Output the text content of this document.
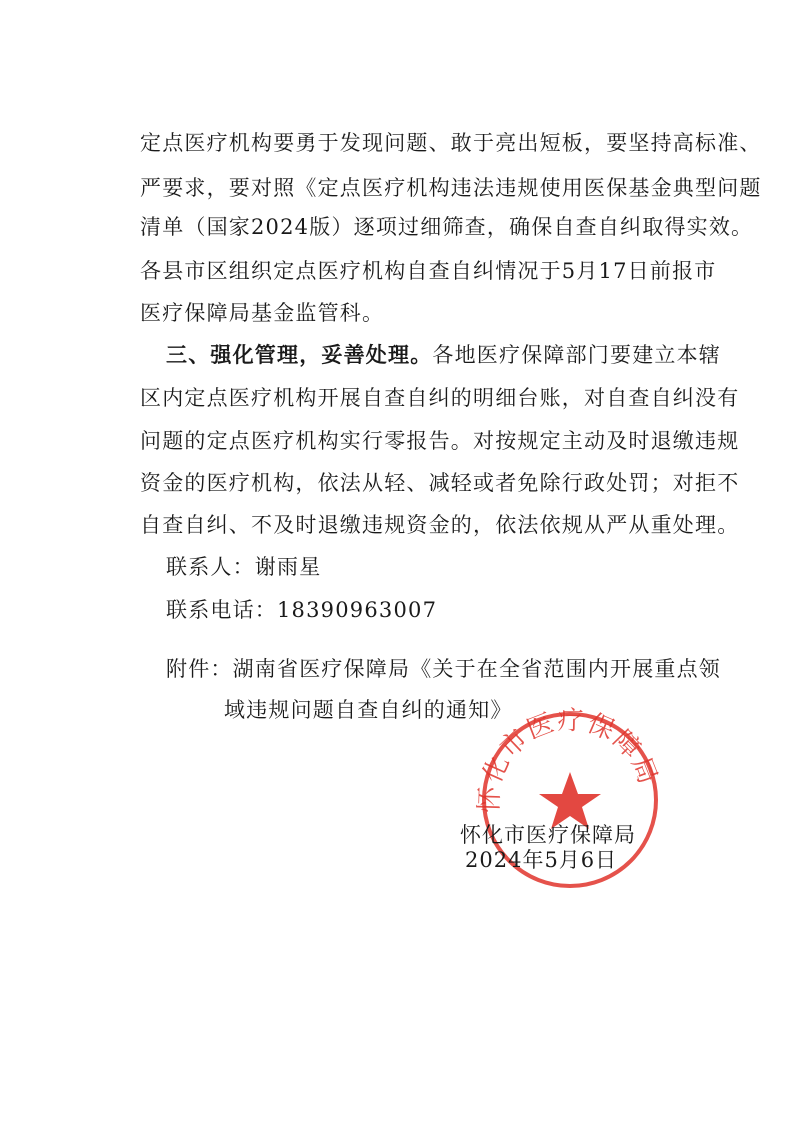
定点医疗机构要勇于发现问题、敢于亮出短板，要坚持高标准、
严要求，要对照《定点医疗机构违法违规使用医保基金典型问题
清单（国家2024版）逐项过细筛查，确保自查自纠取得实效。
各县市区组织定点医疗机构自查自纠情况于5月17日前报市
医疗保障局基金监管科。
三、强化管理，妥善处理。各地医疗保障部门要建立本辖
区内定点医疗机构开展自查自纠的明细台账，对自查自纠没有
问题的定点医疗机构实行零报告。对按规定主动及时退缴违规
资金的医疗机构，依法从轻、减轻或者免除行政处罚；对拒不
自查自纠、不及时退缴违规资金的，依法依规从严从重处理。
联系人：谢雨星
联系电话：18390963007
附件：湖南省医疗保障局《关于在全省范围内开展重点领
域违规问题自查自纠的通知》
怀化市医疗保障局
怀化市医疗保障局
2024年5月6日
